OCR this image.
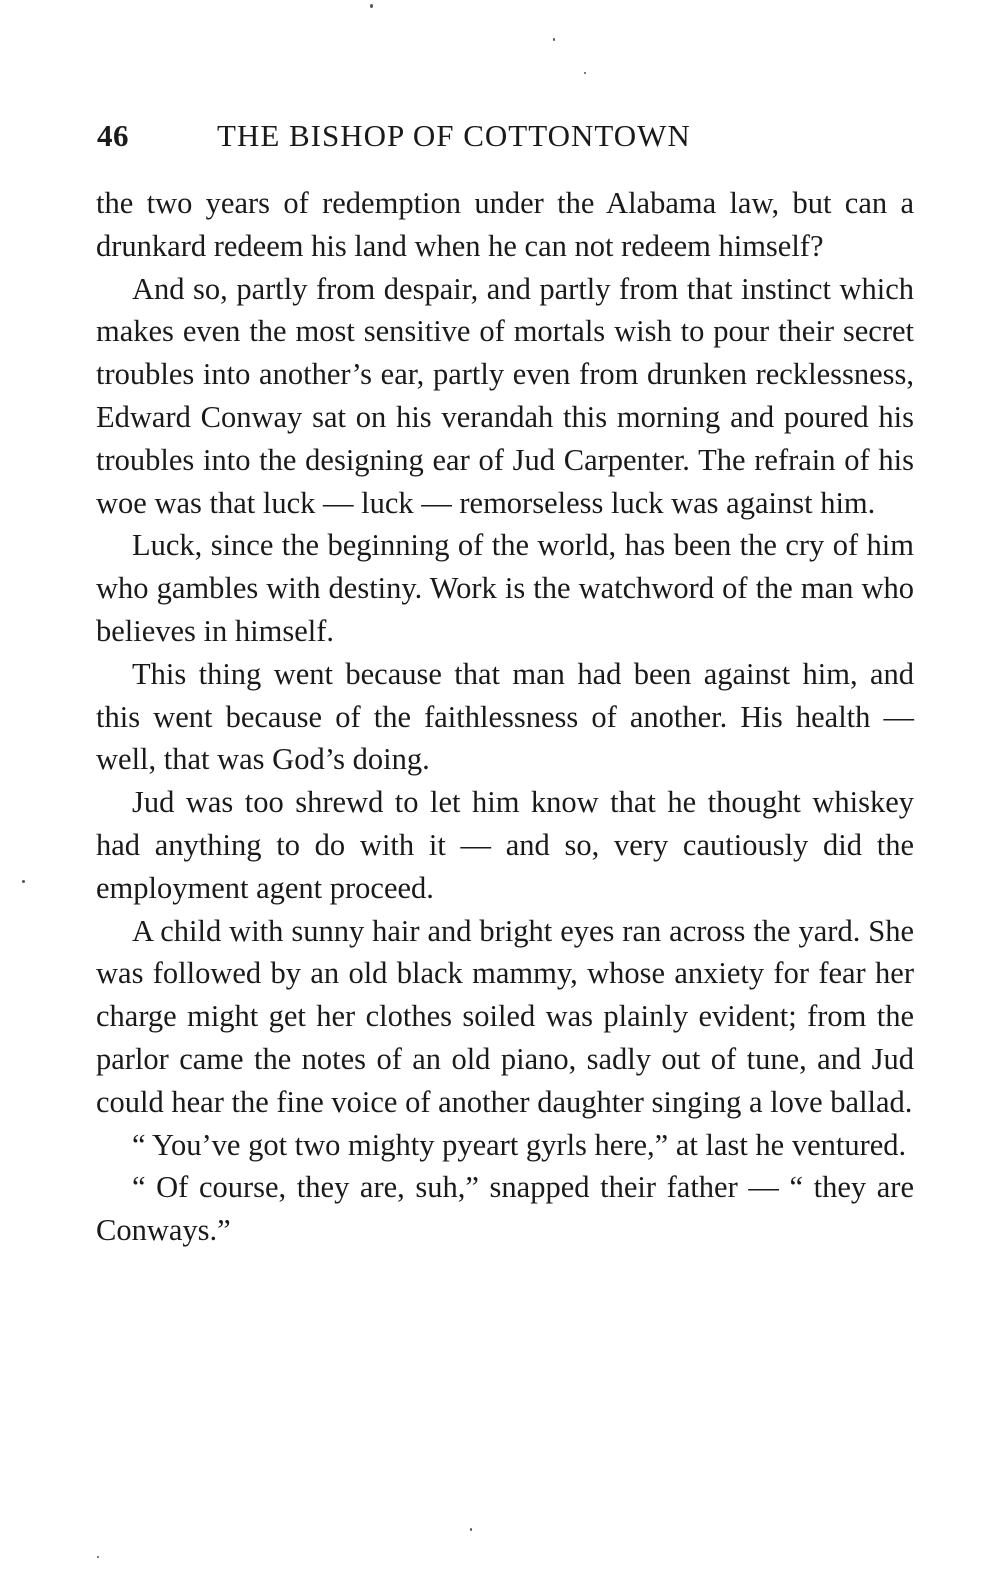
46	THE BISHOP OF COTTONTOWN

the two years of redemption under the Alabama law, but can a drunkard redeem his land when he can not redeem himself?

And so, partly from despair, and partly from that instinct which makes even the most sensitive of mortals wish to pour their secret troubles into another’s ear, partly even from drunken recklessness, Edward Conway sat on his verandah this morning and poured his troubles into the designing ear of Jud Carpenter. The refrain of his woe was that luck — luck — remorseless luck was against him.

Luck, since the beginning of the world, has been the cry of him who gambles with destiny. Work is the watchword of the man who believes in himself.

This thing went because that man had been against him, and this went because of the faithlessness of another. His health — well, that was God’s doing.

Jud was too shrewd to let him know that he thought whiskey had anything to do with it — and so, very cautiously did the employment agent proceed.

A child with sunny hair and bright eyes ran across the yard. She was followed by an old black mammy, whose anxiety for fear her charge might get her clothes soiled was plainly evident; from the parlor came the notes of an old piano, sadly out of tune, and Jud could hear the fine voice of another daughter singing a love ballad.

“ You’ve got two mighty pyeart gyrls here,” at last he ventured.

“ Of course, they are, suh,” snapped their father — “ they are Conways.”
